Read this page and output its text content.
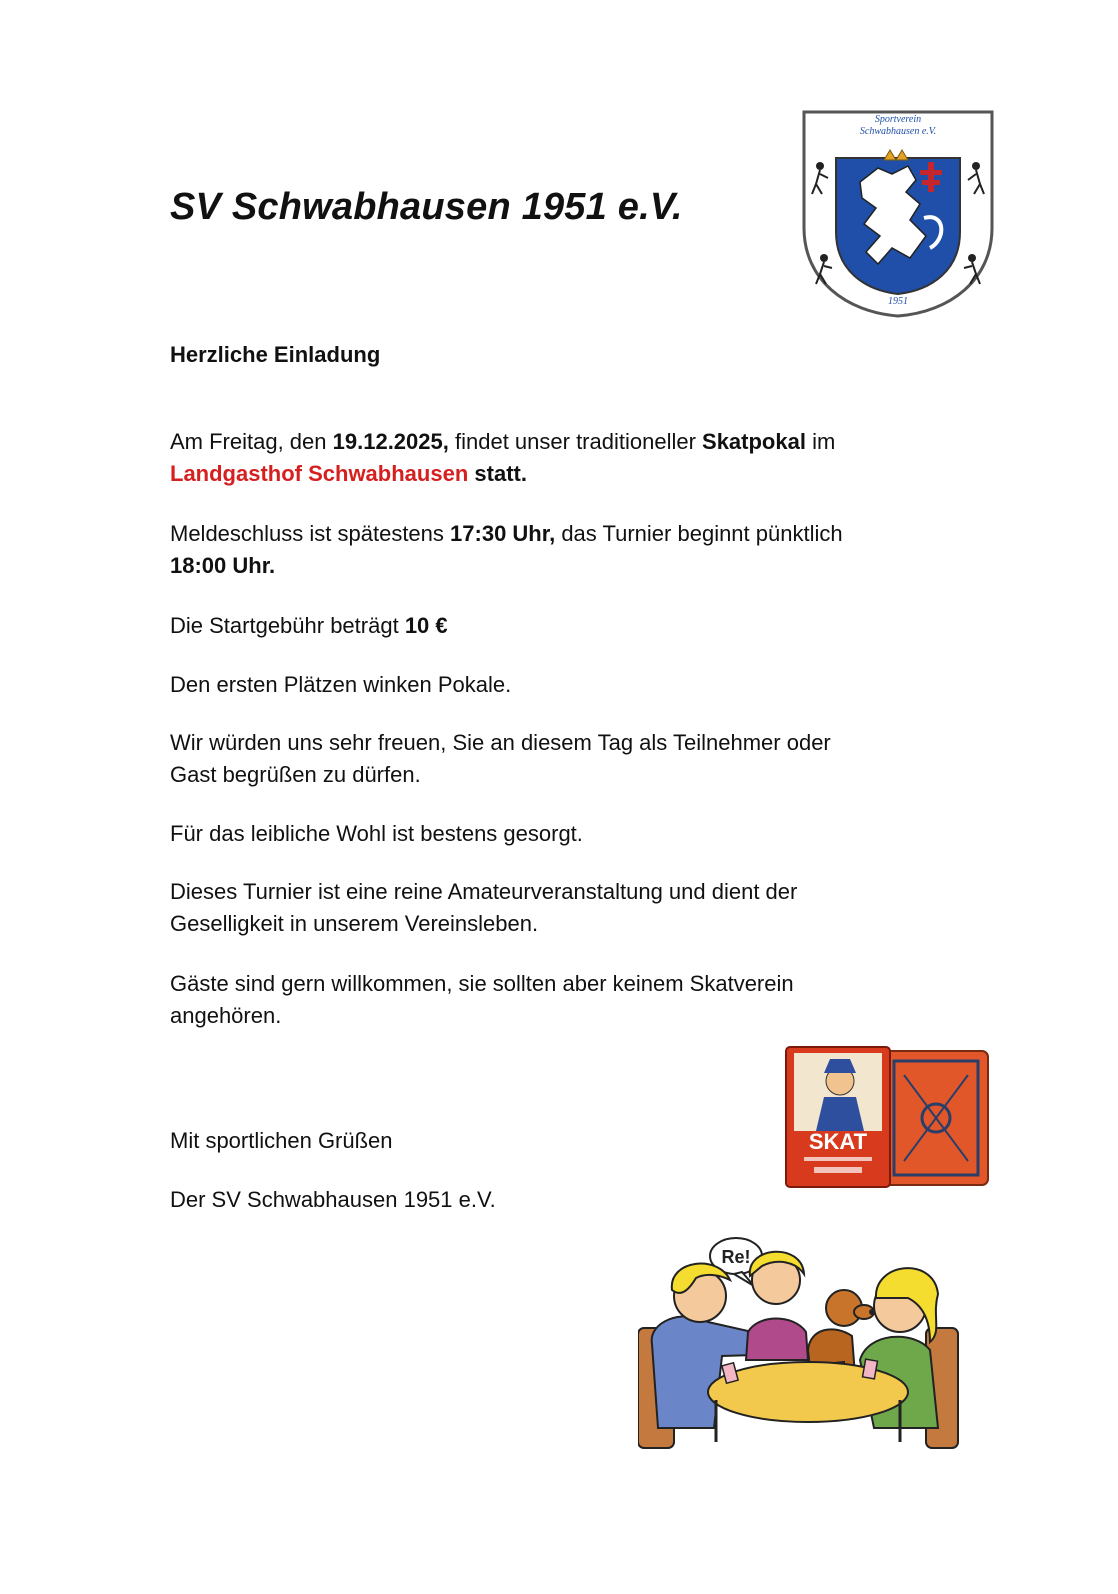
SV Schwabhausen 1951 e.V.
Sportverein
Schwabhausen e.V.
1951
Herzliche Einladung

Am Freitag, den 19.12.2025, findet unser traditioneller Skatpokal im
Landgasthof Schwabhausen statt.

Meldeschluss ist spätestens 17:30 Uhr, das Turnier beginnt pünktlich
18:00 Uhr.

Die Startgebühr beträgt 10 €

Den ersten Plätzen winken Pokale.

Wir würden uns sehr freuen, Sie an diesem Tag als Teilnehmer oder
Gast begrüßen zu dürfen.

Für das leibliche Wohl ist bestens gesorgt.

Dieses Turnier ist eine reine Amateurveranstaltung und dient der
Geselligkeit in unserem Vereinsleben.

Gäste sind gern willkommen, sie sollten aber keinem Skatverein
angehören.

Mit sportlichen Grüßen

Der SV Schwabhausen 1951 e.V.

SKAT
Re!
